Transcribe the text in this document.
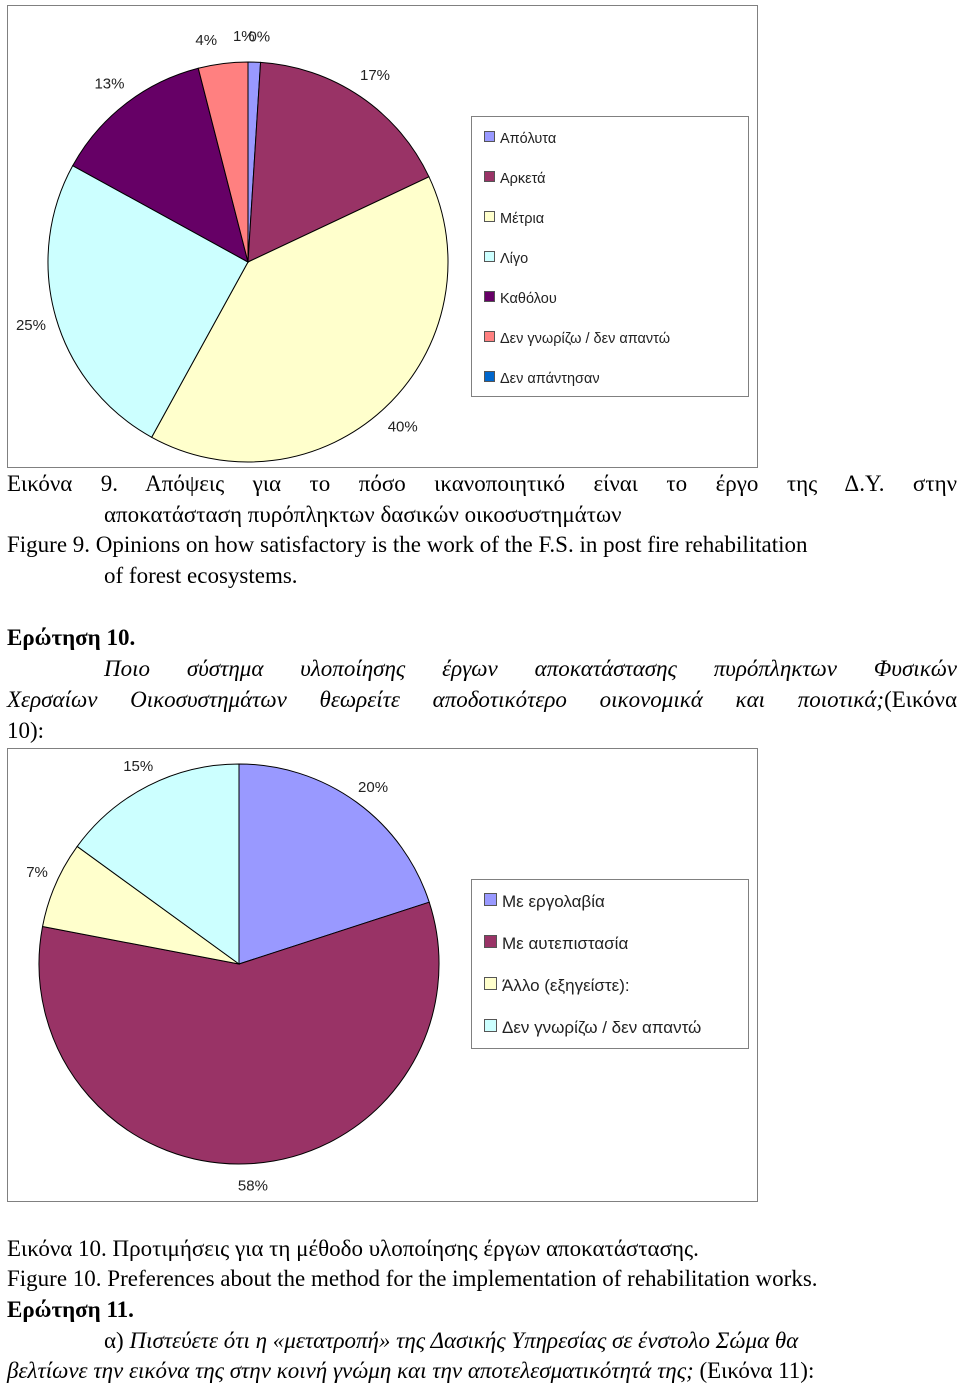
1%
17%
40%
25%
13%
4% 0%
Απόλυτα
Αρκετά
Μέτρια
Λίγο
Καθόλου
Δεν γνωρίζω / δεν απαντώ
Δεν απάντησαν
Εικόνα 9. Απόψεις για το πόσο ικανοποιητικό είναι το έργο της Δ.Υ. στην
αποκατάσταση πυρόπληκτων δασικών οικοσυστημάτων
Figure 9. Opinions on how satisfactory is the work of the F.S. in post fire rehabilitation
of forest ecosystems.
Ερώτηση 10.
Ποιο σύστημα υλοποίησης έργων αποκατάστασης πυρόπληκτων Φυσικών
Χερσαίων Οικοσυστημάτων θεωρείτε αποδοτικότερο οικονομικά και ποιοτικά;(Εικόνα
10):
20%
58%
7%
15%
Με εργολαβία
Με αυτεπιστασία
Άλλο (εξηγείστε):
Δεν γνωρίζω / δεν απαντώ
Εικόνα 10. Προτιμήσεις για τη μέθοδο υλοποίησης έργων αποκατάστασης.
Figure 10. Preferences about the method for the implementation of rehabilitation works.
Ερώτηση 11.
α) Πιστεύετε ότι η «μετατροπή» της Δασικής Υπηρεσίας σε ένστολο Σώμα θα
βελτίωνε την εικόνα της στην κοινή γνώμη και την αποτελεσματικότητά της; (Εικόνα 11):
